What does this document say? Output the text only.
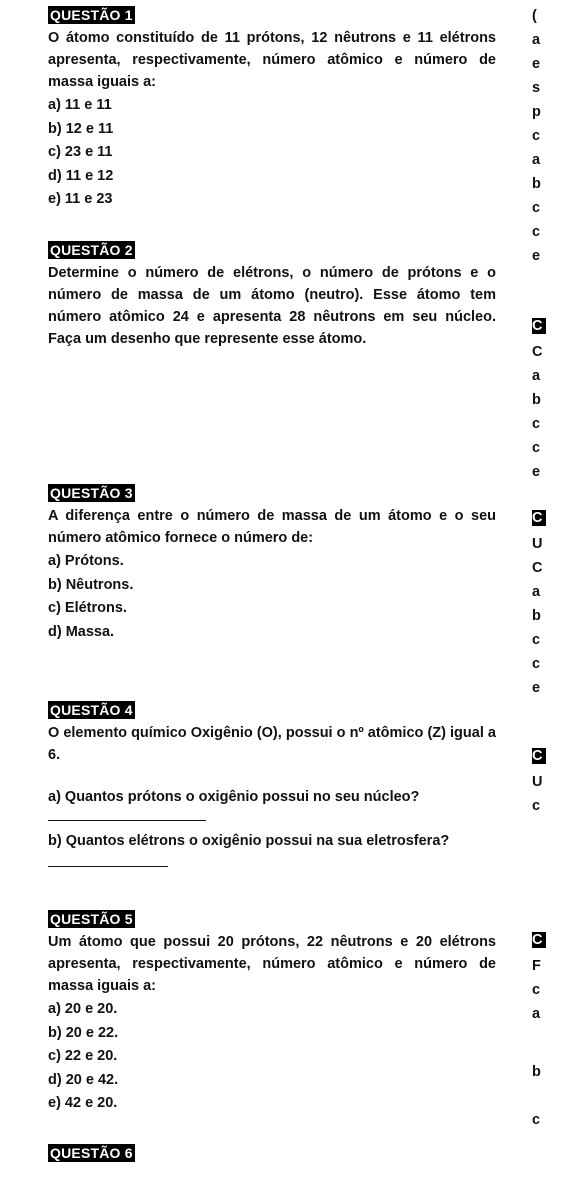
QUESTÃO 1

O átomo constituído de 11 prótons, 12 nêutrons e 11 elétrons apresenta, respectivamente, número atômico e número de massa iguais a:

a) 11 e 11

b) 12 e 11

c) 23 e 11

d) 11 e 12

e) 11 e 23

QUESTÃO 2

Determine o número de elétrons, o número de prótons e o número de massa de um átomo (neutro). Esse átomo tem número atômico 24 e apresenta 28 nêutrons em seu núcleo. Faça um desenho que represente esse átomo.

QUESTÃO 3

A diferença entre o número de massa de um átomo e o seu número atômico fornece o número de:

a) Prótons.

b) Nêutrons.

c) Elétrons.

d) Massa.

QUESTÃO 4

O elemento químico Oxigênio (O), possui o nº atômico (Z) igual a 6.

a) Quantos prótons o oxigênio possui no seu núcleo?

b) Quantos elétrons o oxigênio possui na sua eletrosfera?

QUESTÃO 5

Um átomo que possui 20 prótons, 22 nêutrons e 20 elétrons apresenta, respectivamente, número atômico e número de massa iguais a:

a) 20 e 20.

b) 20 e 22.

c) 22 e 20.

d) 20 e 42.

e) 42 e 20.

QUESTÃO 6
(
a
e
s
p
c
a
b
c
c
e
C
C
a
b
c
c
e
C
U
C
a
b
c
c
e
C
U
c
C
F
c
a
b
c
